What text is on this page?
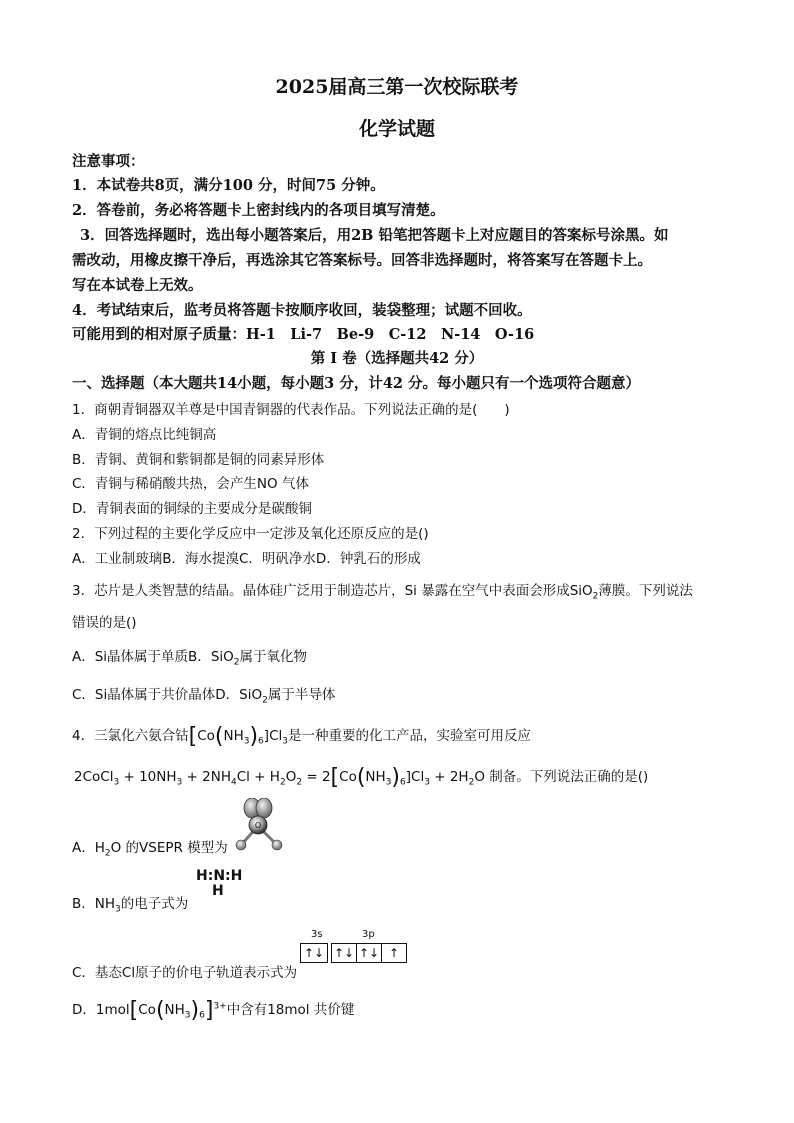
2025届高三第一次校际联考
化学试题
注意事项：
1．本试卷共8页，满分100 分，时间75 分钟。
2．答卷前，务必将答题卡上密封线内的各项目填写清楚。
3．回答选择题时，选出每小题答案后，用2B 铅笔把答题卡上对应题目的答案标号涂黑。如
需改动，用橡皮擦干净后，再选涂其它答案标号。回答非选择题时，将答案写在答题卡上。
写在本试卷上无效。
4．考试结束后，监考员将答题卡按顺序收回，装袋整理；试题不回收。
可能用到的相对原子质量：H-1　Li-7　Be-9　C-12　N-14　O-16
第 I 卷（选择题共42 分）
一、选择题（本大题共14小题，每小题3 分，计42 分。每小题只有一个选项符合题意）
1．商朝青铜器双羊尊是中国青铜器的代表作品。下列说法正确的是(　　)
A．青铜的熔点比纯铜高
B．青铜、黄铜和紫铜都是铜的同素异形体
C．青铜与稀硝酸共热，会产生NO 气体
D．青铜表面的铜绿的主要成分是碳酸铜
2．下列过程的主要化学反应中一定涉及氧化还原反应的是()
A．工业制玻璃B．海水提溴C．明矾净水D．钟乳石的形成
3．芯片是人类智慧的结晶。晶体硅广泛用于制造芯片，Si 暴露在空气中表面会形成SiO$_2$薄膜。下列说法
错误的是()
A．Si晶体属于单质B．SiO$_2$属于氧化物
C．Si晶体属于共价晶体D．SiO$_2$属于半导体
4．三氯化六氨合钴$[Co(NH_3)_6]Cl_3$是一种重要的化工产品，实验室可用反应
2CoCl$_3$ + $10NH_3 + 2NH_4Cl + H_2O_2 = 2[Co(NH_3)_6]Cl_3 + 2H_2O$ 制备。下列说法正确的是()
A．$H_2O$ 的VSEPR 模型为
O
B．$NH_3$的电子式为
H:N:H
H
C．基态Cl原子的价电子轨道表示式为
3s	3p
↑↓ ↑↓ ↑↓ ↑
D．$1mol[Co(NH_3)_6]^{3+}$中含有18mol 共价键
